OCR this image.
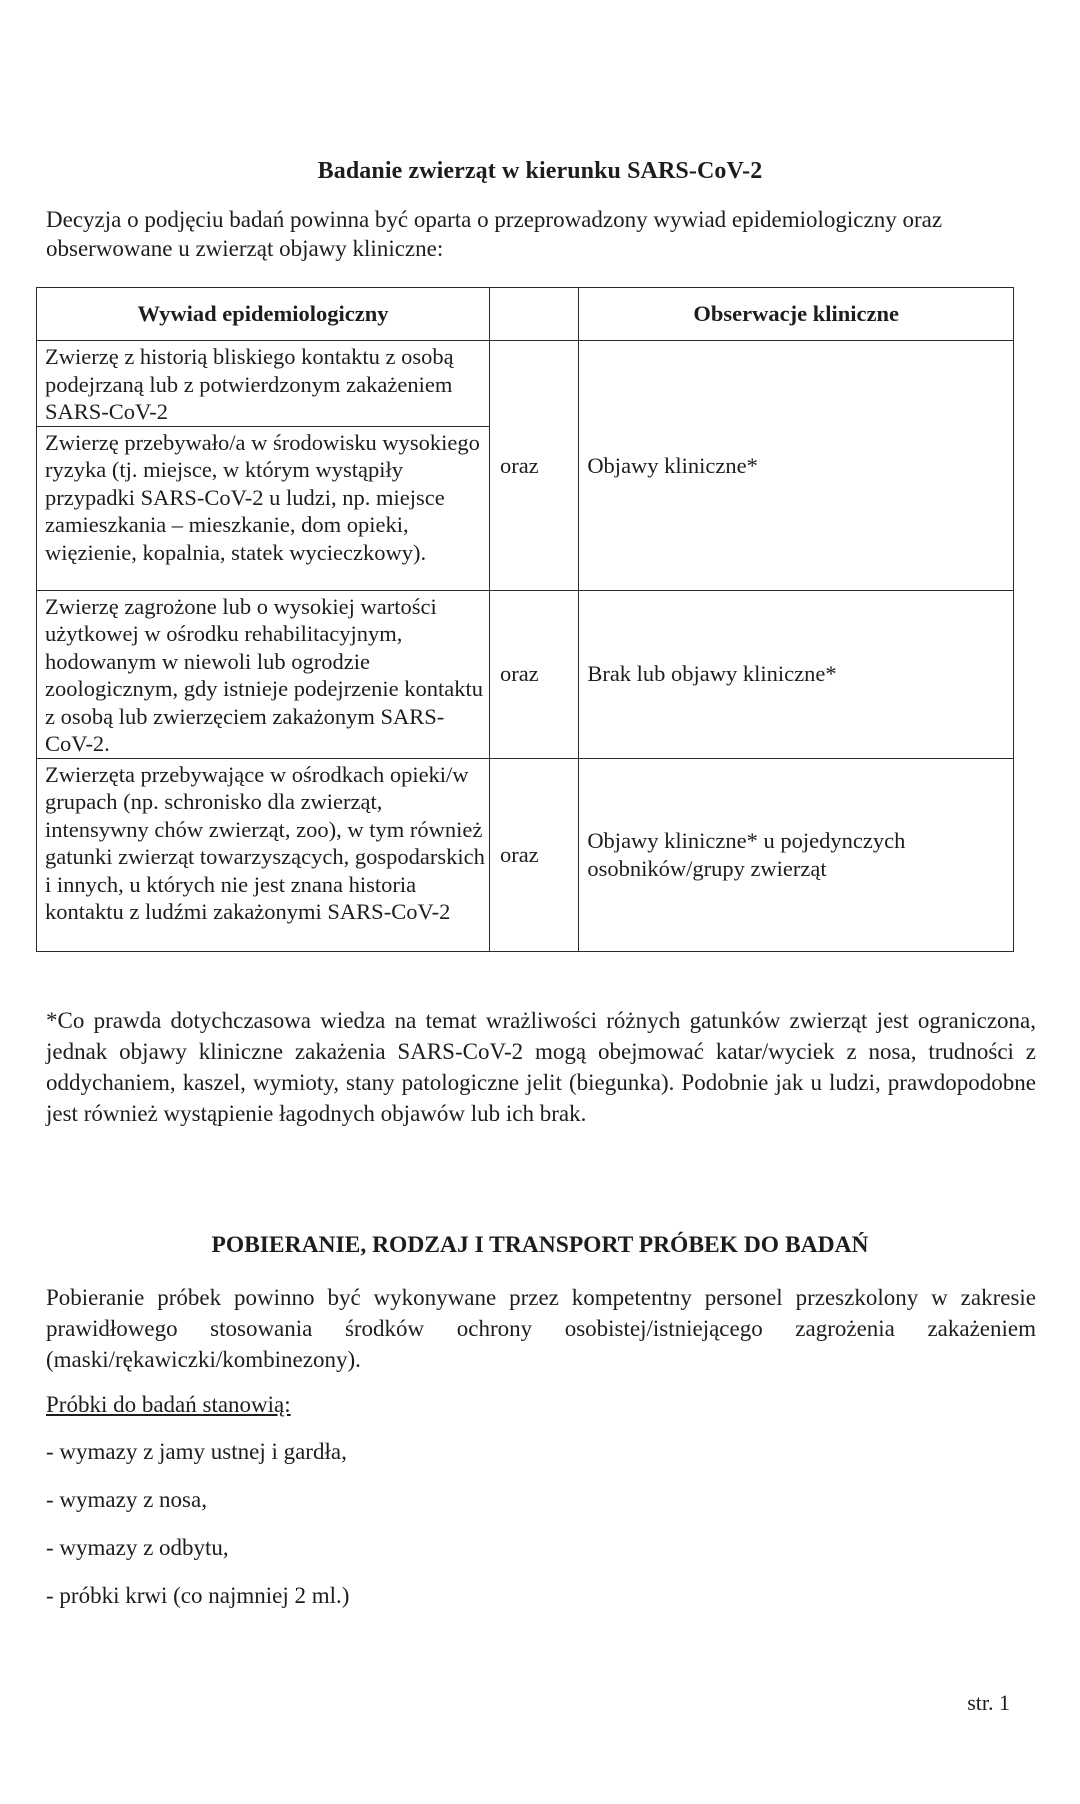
Badanie zwierząt w kierunku SARS-CoV-2
Decyzja o podjęciu badań powinna być oparta o przeprowadzony wywiad epidemiologiczny oraz obserwowane u zwierząt objawy kliniczne:
Wywiad epidemiologiczny		Obserwacje kliniczne
Zwierzę z historią bliskiego kontaktu z osobą podejrzaną lub z potwierdzonym zakażeniem SARS-CoV-2	oraz	Objawy kliniczne*
Zwierzę przebywało/a w środowisku wysokiego ryzyka (tj. miejsce, w którym wystąpiły przypadki SARS-CoV-2 u ludzi, np. miejsce zamieszkania – mieszkanie, dom opieki, więzienie, kopalnia, statek wycieczkowy).		
Zwierzę zagrożone lub o wysokiej wartości użytkowej w ośrodku rehabilitacyjnym, hodowanym w niewoli lub ogrodzie zoologicznym, gdy istnieje podejrzenie kontaktu z osobą lub zwierzęciem zakażonym SARS-CoV-2.	oraz	Brak lub objawy kliniczne*
Zwierzęta przebywające w ośrodkach opieki/w grupach (np. schronisko dla zwierząt, intensywny chów zwierząt, zoo), w tym również gatunki zwierząt towarzyszących, gospodarskich i innych, u których nie jest znana historia kontaktu z ludźmi zakażonymi SARS-CoV-2	oraz	Objawy kliniczne* u pojedynczych osobników/grupy zwierząt
*Co prawda dotychczasowa wiedza na temat wrażliwości różnych gatunków zwierząt jest ograniczona, jednak objawy kliniczne zakażenia SARS-CoV-2 mogą obejmować katar/wyciek z nosa, trudności z oddychaniem, kaszel, wymioty, stany patologiczne jelit (biegunka). Podobnie jak u ludzi, prawdopodobne jest również wystąpienie łagodnych objawów lub ich brak.
POBIERANIE, RODZAJ I TRANSPORT PRÓBEK DO BADAŃ
Pobieranie próbek powinno być wykonywane przez kompetentny personel przeszkolony w zakresie prawidłowego stosowania środków ochrony osobistej/istniejącego zagrożenia zakażeniem (maski/rękawiczki/kombinezony).
Próbki do badań stanowią:
- wymazy z jamy ustnej i gardła,
- wymazy z nosa,
- wymazy z odbytu,
- próbki krwi (co najmniej 2 ml.)
str. 1
